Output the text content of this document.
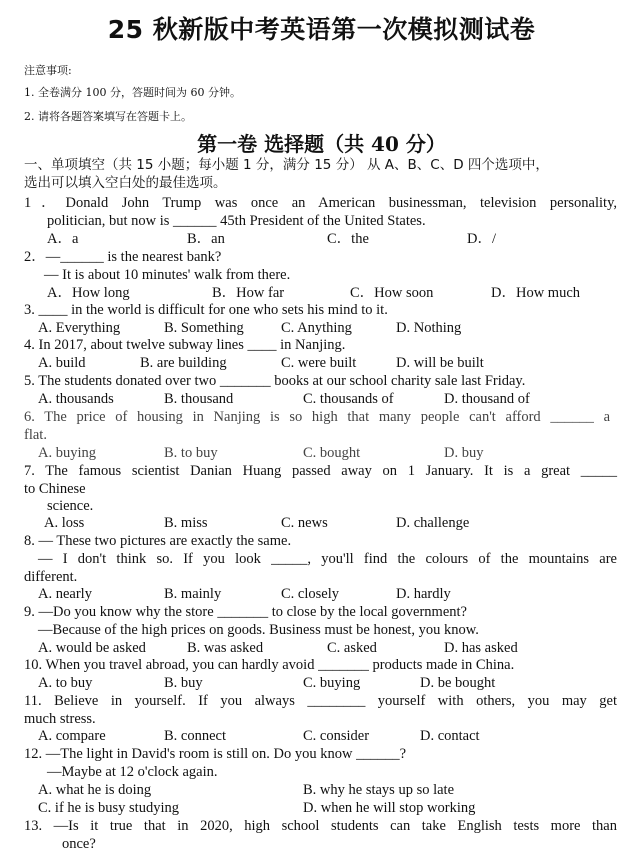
25 秋新版中考英语第一次模拟测试卷
注意事项:
1. 全卷满分 100 分，答题时间为 60 分钟。
2. 请将各题答案填写在答题卡上。
第一卷 选择题（共 40 分）
一、单项填空（共 15 小题；每小题 1 分，满分 15 分） 从 A、B、C、D 四个选项中，
选出可以填入空白处的最佳选项。
1．Donald John Trump was once an American businessman, television personality,
politician, but now is ______ 45th President of the United States.
A．a	B．an	C．the	D．/
2．—______ is the nearest bank?
— It is about 10 minutes' walk from there.
A．How long	B．How far	C．How soon	D．How much
3. ____ in the world is difficult for one who sets his mind to it.
A. Everything	B. Something	C. Anything	D. Nothing
4. In 2017, about twelve subway lines ____ in Nanjing.
A. build	B. are building	C. were built	D. will be built
5. The students donated over two _______ books at our school charity sale last Friday.
A. thousands	B. thousand	C. thousands of	D. thousand of
6. The price of housing in Nanjing is so high that many people can't afford ______ a
flat.
A. buying	B. to buy	C. bought	D. buy
7. The famous scientist Danian Huang passed away on 1 January. It is a great _____
to Chinese
science.
A. loss	B. miss	C. news	D. challenge
8. — These two pictures are exactly the same.
— I don't think so. If you look _____, you'll find the colours of the mountains are
different.
A. nearly	B. mainly	C. closely	D. hardly
9. —Do you know why the store _______ to close by the local government?
—Because of the high prices on goods. Business must be honest, you know.
A. would be asked	B. was asked	C. asked	D. has asked
10. When you travel abroad, you can hardly avoid _______ products made in China.
A. to buy	B. buy	C. buying	D. be bought
11. Believe in yourself. If you always ________ yourself with others, you may get
much stress.
A. compare	B. connect	C. consider	D. contact
12. —The light in David's room is still on. Do you know ______?
—Maybe at 12 o'clock again.
A. what he is doing	B. why he stays up so late
C. if he is busy studying	D. when he will stop working
13. —Is it true that in 2020, high school students can take English tests more than
once?
